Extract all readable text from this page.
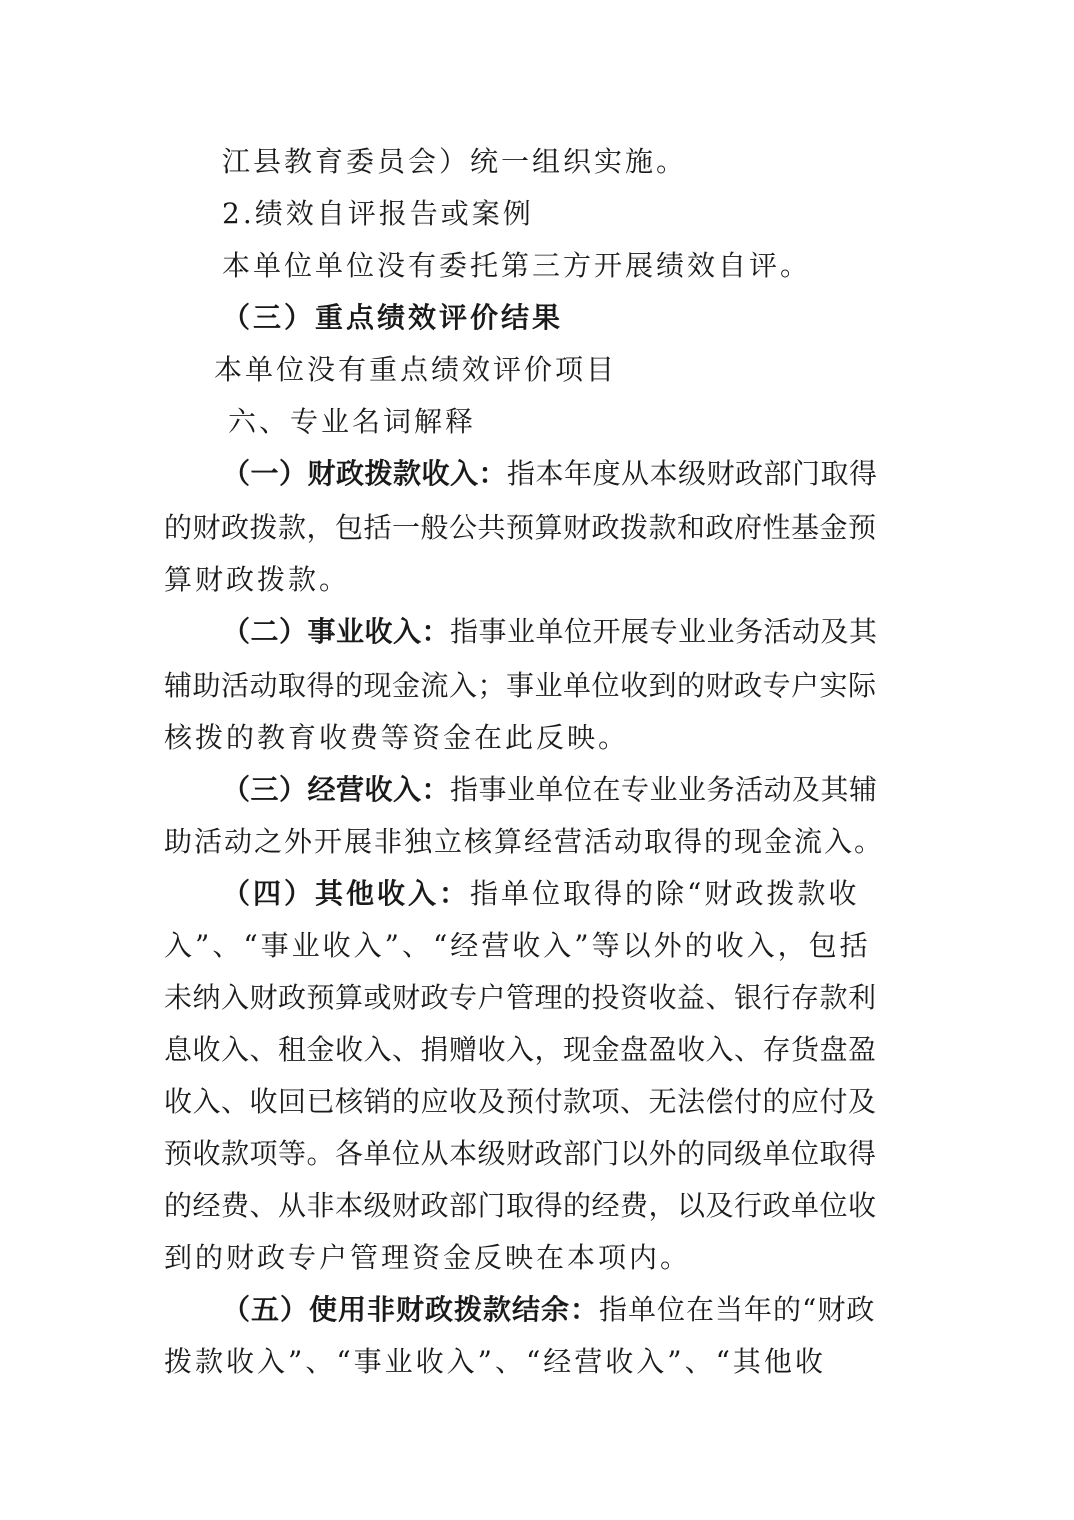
江县教育委员会）统一组织实施。
2.绩效自评报告或案例
本单位单位没有委托第三方开展绩效自评。
（三）重点绩效评价结果
本单位没有重点绩效评价项目
六、专业名词解释
（一）财政拨款收入：指本年度从本级财政部门取得
的财政拨款，包括一般公共预算财政拨款和政府性基金预
算财政拨款。
（二）事业收入：指事业单位开展专业业务活动及其
辅助活动取得的现金流入；事业单位收到的财政专户实际
核拨的教育收费等资金在此反映。
（三）经营收入：指事业单位在专业业务活动及其辅
助活动之外开展非独立核算经营活动取得的现金流入。
（四）其他收入：指单位取得的除“财政拨款收
入”、“事业收入”、“经营收入”等以外的收入，包括
未纳入财政预算或财政专户管理的投资收益、银行存款利
息收入、租金收入、捐赠收入，现金盘盈收入、存货盘盈
收入、收回已核销的应收及预付款项、无法偿付的应付及
预收款项等。各单位从本级财政部门以外的同级单位取得
的经费、从非本级财政部门取得的经费，以及行政单位收
到的财政专户管理资金反映在本项内。
（五）使用非财政拨款结余：指单位在当年的“财政
拨款收入”、“事业收入”、“经营收入”、“其他收
